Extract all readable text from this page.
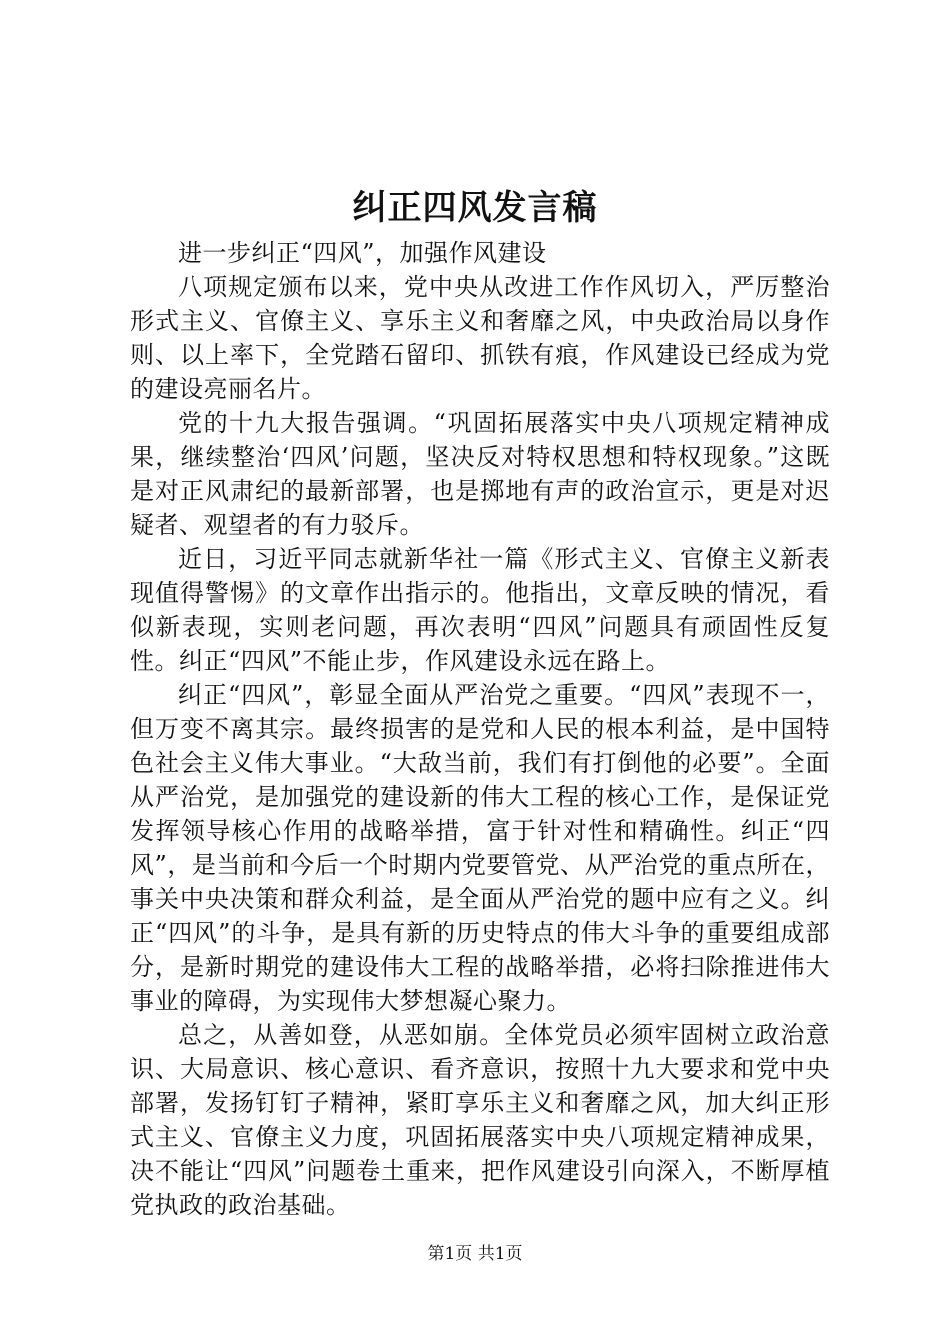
纠正四风发言稿

进一步纠正“四风”，加强作风建设

八项规定颁布以来，党中央从改进工作作风切入，严厉整治形式主义、官僚主义、享乐主义和奢靡之风，中央政治局以身作则、以上率下，全党踏石留印、抓铁有痕，作风建设已经成为党的建设亮丽名片。

党的十九大报告强调。“巩固拓展落实中央八项规定精神成果，继续整治‘四风’问题，坚决反对特权思想和特权现象。”这既是对正风肃纪的最新部署，也是掷地有声的政治宣示，更是对迟疑者、观望者的有力驳斥。

近日，习近平同志就新华社一篇《形式主义、官僚主义新表现值得警惕》的文章作出指示的。他指出，文章反映的情况，看似新表现，实则老问题，再次表明“四风”问题具有顽固性反复性。纠正“四风”不能止步，作风建设永远在路上。

纠正“四风”，彰显全面从严治党之重要。“四风”表现不一，但万变不离其宗。最终损害的是党和人民的根本利益，是中国特色社会主义伟大事业。“大敌当前，我们有打倒他的必要”。全面从严治党，是加强党的建设新的伟大工程的核心工作，是保证党发挥领导核心作用的战略举措，富于针对性和精确性。纠正“四风”，是当前和今后一个时期内党要管党、从严治党的重点所在，事关中央决策和群众利益，是全面从严治党的题中应有之义。纠正“四风”的斗争，是具有新的历史特点的伟大斗争的重要组成部分，是新时期党的建设伟大工程的战略举措，必将扫除推进伟大事业的障碍，为实现伟大梦想凝心聚力。

总之，从善如登，从恶如崩。全体党员必须牢固树立政治意识、大局意识、核心意识、看齐意识，按照十九大要求和党中央部署，发扬钉钉子精神，紧盯享乐主义和奢靡之风，加大纠正形式主义、官僚主义力度，巩固拓展落实中央八项规定精神成果，决不能让“四风”问题卷土重来，把作风建设引向深入，不断厚植党执政的政治基础。

第1页 共1页
